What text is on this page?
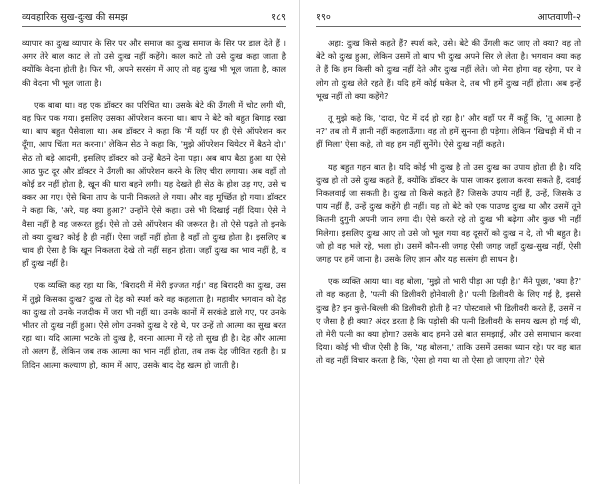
व्यवहारिक सुख-दुःख की समझ	१८९

व्यापार का दुःख व्यापार के सिर पर और समाज का दुःख समाज के सिर पर डाल देते हैं । अगर तेरे बाल काट ले तो उसे दुःख नहीं कहेंगे। काल काटे तो उसे दुःख कहा जाता है क्योंकि वेदना होती है। फिर भी, अपने सरसंग में आए तो वह दुःख भी भूल जाता है, काल की वेदना भी भूल जाता है।

एक बाबा था। वह एक डॉक्टर का परिचित था। उसके बेटे की उँगली में चोट लगी थी, वह फिर पक गया। इसलिए उसका ऑपरेशन करना था। बाप ने बेटे को बहुत बिगाड़ रखा था। बाप बहुत पैसेवाला था। अब डॉक्टर ने कहा कि 'मैं यहीं पर ही ऐसे ऑपरेशन कर दूँगा, आप चिंता मत करना।' लेकिन सेठ ने कहा कि, 'मुझे ऑपरेशन थियेटर में बैठने दो।' सेठ तो बड़े आदमी, इसलिए डॉक्टर को उन्हें बैठने देना पड़ा। अब बाप बैठा हुआ था ऐसे आठ फुट दूर और डॉक्टर ने उँगली का ऑपरेशन करने के लिए चीरा लगाया। अब वहाँ तो कोई डर नहीं होता है, खून की धारा बहने लगी। यह देखते ही सेठ के होश उड़ गए, उसे चक्कर आ गए। ऐसे बिना ताप के पानी निकलते ले गया। और वह मूर्च्छित हो गया। डॉक्टर ने कहा कि, 'अरे, यह क्या हुआ?' उन्होंने ऐसे कहा। उसे भी दिखाई नहीं दिया। ऐसे ने वैसा नहीं है वह जरूरत हुई। ऐसे तो उसे ऑपरेशन की जरूरत है। तो ऐसे पढ़ते तो इनके तो क्या दुःख? कोई है ही नहीं। ऐसा जहाँ नहीं होता है वहाँ तो दुःख होता है। इसलिए बचाव ही ऐसा है कि खून निकलता देखे तो नहीं सहन होता। जहाँ दुःख का भाव नहीं है, वहाँ दुःख नहीं है।

एक व्यक्ति कह रहा था कि, 'बिरादरी में मेरी इज्जत गई।' वह बिरादरी का दुःख, उसमें तुझे किसका दुःख? दुःख तो देह को स्पर्श करे वह कहलाता है। महावीर भगवान को देह का दुःख तो उनके नजदीक में जरा भी नहीं था। उनके कानों में सरकंडे डाले गए, पर उनके भीतर तो दुःख नहीं हुआ। ऐसे लोग उनको दुःख दे रहे थे, पर उन्हें तो आत्मा का सुख बरत रहा था। यदि आत्मा भटके तो दुःख है, वरना आत्मा में रहे तो सुख ही है। देह और आत्मा तो अलग हैं, लेकिन जब तक आत्मा का भान नहीं होता, तब तक देह जीवित रहती है। प्रतिदिन आत्मा कल्याण हो, काम में आए, उसके बाद देह खत्म हो जाती है।

१९०	आप्तवाणी-२

अहा: दुःख किसे कहते हैं? स्पर्श करे, उसे। बेटे की उँगली कट जाए तो क्या? वह तो बेटे को दुःख हुआ, लेकिन उसमें तो बाप भी दुःख अपने सिर ले लेता है। भगवान क्या कहते हैं कि हम किसी को दुःख नहीं देते और दुःख नहीं लेते। जो मेरा होगा वह रहेगा, पर वे लोग तो दुःख लेते रहते हैं। यदि हमें कोई धकेल दे, तब भी हमें दुःख नहीं होता। अब इन्हें भूख नहीं तो क्या कहेंगे?

तू मुझे कहे कि, 'दादा, पेट में दर्द हो रहा है।' और वहाँ पर मैं कहूँ कि, 'तू आत्मा है न?' तब तो मैं ज्ञानी नहीं कहलाऊँगा। वह तो हमें सुनना ही पड़ेगा। लेकिन 'खिचड़ी में घी नहीं मिला' ऐसा कहे, तो वह हम नहीं सुनेंगे। ऐसे दुःख नहीं कहते।

यह बहुत गहन बात है। यदि कोई भी दुःख है तो उस दुःख का उपाय होता ही है। यदि दुःख हो तो उसे दुःख कहते हैं, क्योंकि डॉक्टर के पास जाकर इलाज करवा सकते हैं, दवाई निकलवाई जा सकती है। दुःख तो किसे कहते हैं? जिसके उपाय नहीं हैं, उन्हें, जिसके उपाय नहीं हैं, उन्हें दुःख कहेंगे ही नहीं। यह तो बेटे को एक पाउण्ड दुःख था और उसमें तूने कितनी दुगुनी अपनी जान लगा दी। ऐसे करते रहे तो दुःख भी बढ़ेगा और कुछ भी नहीं मिलेगा। इसलिए दुःख आए तो उसे जो भूल गया वह दूसरों को दुःख न दे, तो भी बहुत है। जो हो वह भले रहे, भला हो। उसमें कौन-सी जगह ऐसी जगह जहाँ दुःख-सुख नहीं, ऐसी जगह पर हमें जाना है। उसके लिए ज्ञान और यह सत्संग ही साधन है।

एक व्यक्ति आया था। वह बोला, 'मुझे तो भारी पीड़ा आ पड़ी है।' मैंने पूछा, 'क्या है?' तो वह कहता है, 'पत्नी की डिलीवरी होनेवाली है।' पत्नी डिलीवरी के लिए गई है, इससे दुःख है? इन कुत्ते-बिल्ली की डिलीवरी होती है न? पोस्टवाले भी डिलीवरी करते हैं, उसमें नए जैसा है ही क्या? अंदर डरता है कि पड़ोसी की पत्नी डिलीवरी के समय खत्म हो गई थी, तो मेरी पत्नी का क्या होगा? उसके बाद हमने उसे बात समझाई, और उसे समाधान करवा दिया। कोई भी चीज ऐसी है कि, 'यह बोलना,' ताकि उसमें उसका ध्यान रहे। पर वह बात तो वह नहीं विचार करता है कि, 'ऐसा हो गया था तो ऐसा हो जाएगा तो?' ऐसे
